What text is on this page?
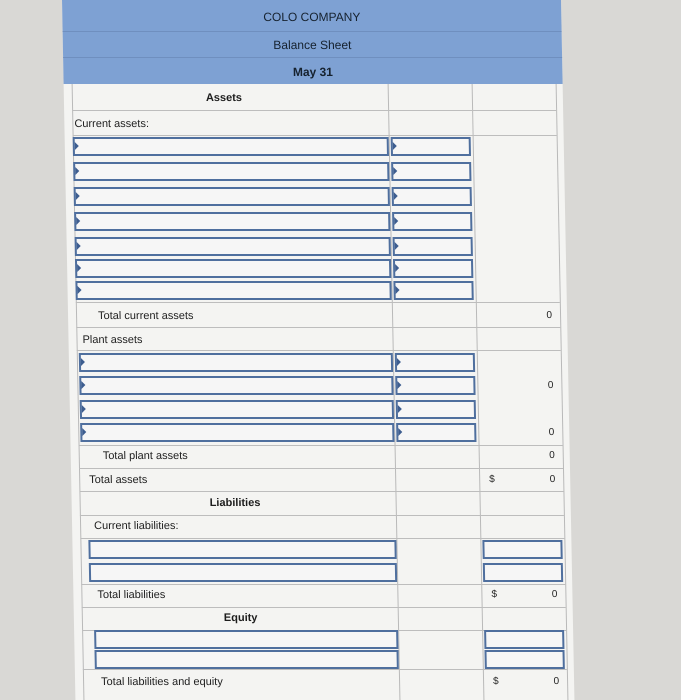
COLO COMPANY
Balance Sheet
May 31
Assets
Current assets:
Total current assets	0
Plant assets
0
0
Total plant assets	0
Total assets	$	0
Liabilities
Current liabilities:
Total liabilities	$	0
Equity
Total liabilities and equity	$	0
